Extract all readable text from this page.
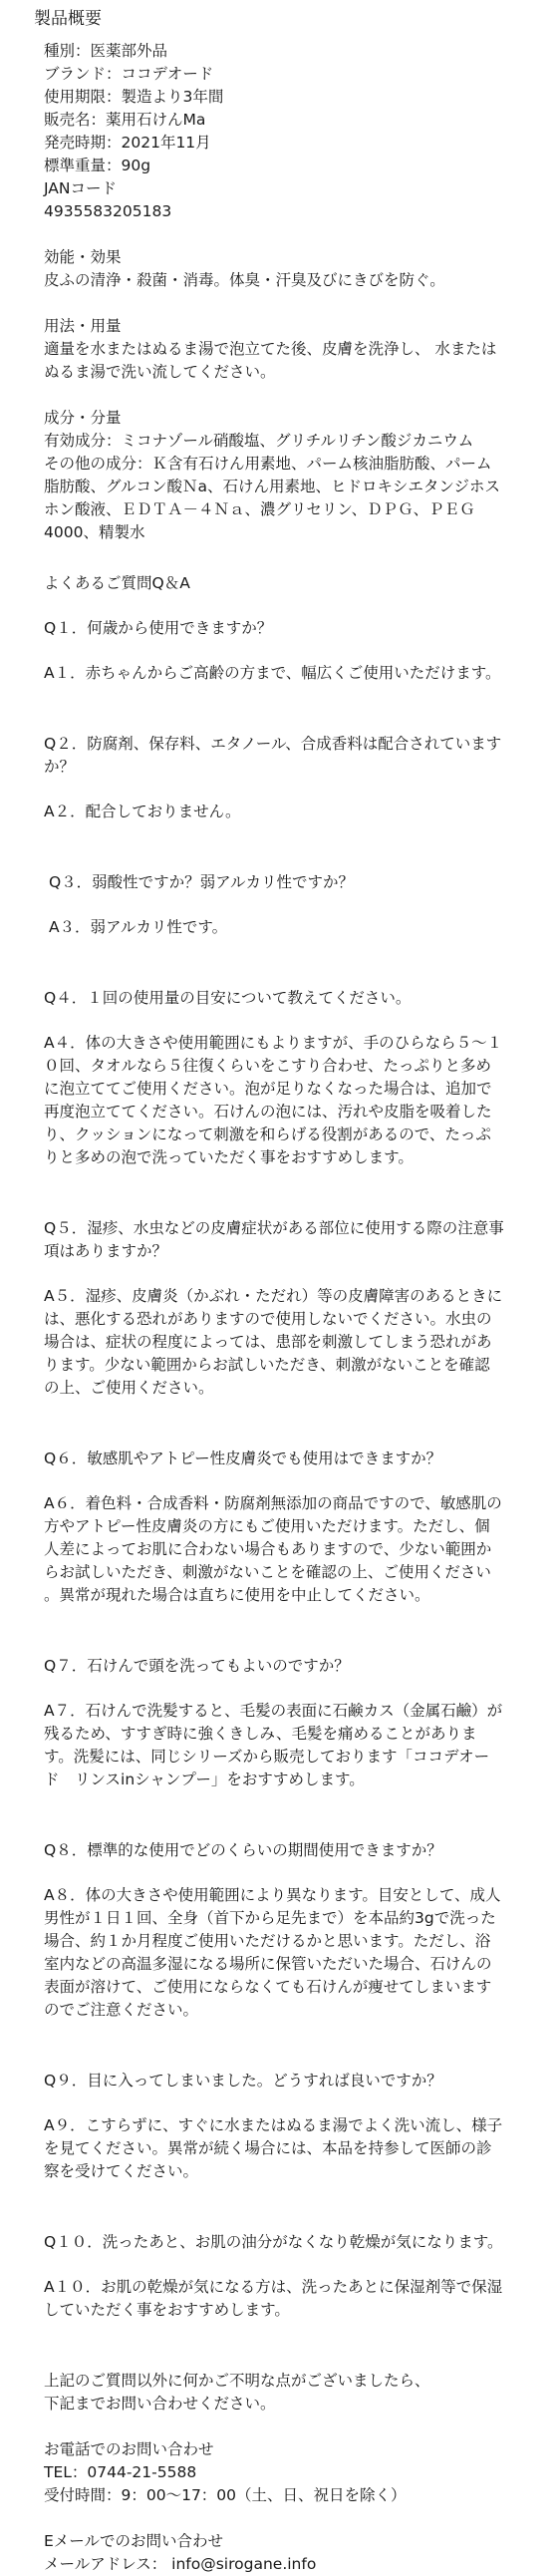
製品概要
種別：医薬部外品
ブランド：ココデオード
使用期限：製造より3年間
販売名：薬用石けんMa
発売時期：2021年11月
標準重量：90g
JANコード
4935583205183
効能・効果
皮ふの清浄・殺菌・消毒。体臭・汗臭及びにきびを防ぐ。
用法・用量
適量を水またはぬるま湯で泡立てた後、皮膚を洗浄し、 水または
ぬるま湯で洗い流してください。
成分・分量
有効成分：ミコナゾール硝酸塩、グリチルリチン酸ジカニウム
その他の成分：Ｋ含有石けん用素地、パーム核油脂肪酸、パーム
脂肪酸、グルコン酸Ｎa、石けん用素地、ヒドロキシエタンジホス
ホン酸液、ＥＤＴＡ－４Ｎａ、濃グリセリン、ＤＰＧ、ＰＥＧ
4000、精製水
よくあるご質問Q＆A
Q１．何歳から使用できますか？
A１．赤ちゃんからご高齢の方まで、幅広くご使用いただけます。
Q２．防腐剤、保存料、エタノール、合成香料は配合されています
か？
A２．配合しておりません。
Q３．弱酸性ですか？弱アルカリ性ですか？
A３．弱アルカリ性です。
Q４．１回の使用量の目安について教えてください。
A４．体の大きさや使用範囲にもよりますが、手のひらなら５～１
０回、タオルなら５往復くらいをこすり合わせ、たっぷりと多め
に泡立ててご使用ください。泡が足りなくなった場合は、追加で
再度泡立ててください。石けんの泡には、汚れや皮脂を吸着した
り、クッションになって刺激を和らげる役割があるので、たっぷ
りと多めの泡で洗っていただく事をおすすめします。
Q５．湿疹、水虫などの皮膚症状がある部位に使用する際の注意事
項はありますか？
A５．湿疹、皮膚炎（かぶれ・ただれ）等の皮膚障害のあるときに
は、悪化する恐れがありますので使用しないでください。水虫の
場合は、症状の程度によっては、患部を刺激してしまう恐れがあ
ります。少ない範囲からお試しいただき、刺激がないことを確認
の上、ご使用ください。
Q６．敏感肌やアトピー性皮膚炎でも使用はできますか？
A６．着色料・合成香料・防腐剤無添加の商品ですので、敏感肌の
方やアトピー性皮膚炎の方にもご使用いただけます。ただし、個
人差によってお肌に合わない場合もありますので、少ない範囲か
らお試しいただき、刺激がないことを確認の上、ご使用ください
。異常が現れた場合は直ちに使用を中止してください。
Q７．石けんで頭を洗ってもよいのですか？
A７．石けんで洗髪すると、毛髪の表面に石鹸カス（金属石鹼）が
残るため、すすぎ時に強くきしみ、毛髪を痛めることがありま
す。洗髪には、同じシリーズから販売しております「ココデオー
ド　リンスinシャンプー」をおすすめします。
Q８．標準的な使用でどのくらいの期間使用できますか？
A８．体の大きさや使用範囲により異なります。目安として、成人
男性が１日１回、全身（首下から足先まで）を本品約3gで洗った
場合、約１か月程度ご使用いただけるかと思います。ただし、浴
室内などの高温多湿になる場所に保管いただいた場合、石けんの
表面が溶けて、ご使用にならなくても石けんが痩せてしまいます
のでご注意ください。
Q９．目に入ってしまいました。どうすれば良いですか？
A９．こすらずに、すぐに水またはぬるま湯でよく洗い流し、様子
を見てください。異常が続く場合には、本品を持参して医師の診
察を受けてください。
Q１０．洗ったあと、お肌の油分がなくなり乾燥が気になります。
A１０．お肌の乾燥が気になる方は、洗ったあとに保湿剤等で保湿
していただく事をおすすめします。
上記のご質問以外に何かご不明な点がございましたら、
下記までお問い合わせください。
お電話でのお問い合わせ
TEL：0744-21-5588
受付時間：9：00～17：00（土、日、祝日を除く）
Eメールでのお問い合わせ
メールアドレス： info@sirogane.info
